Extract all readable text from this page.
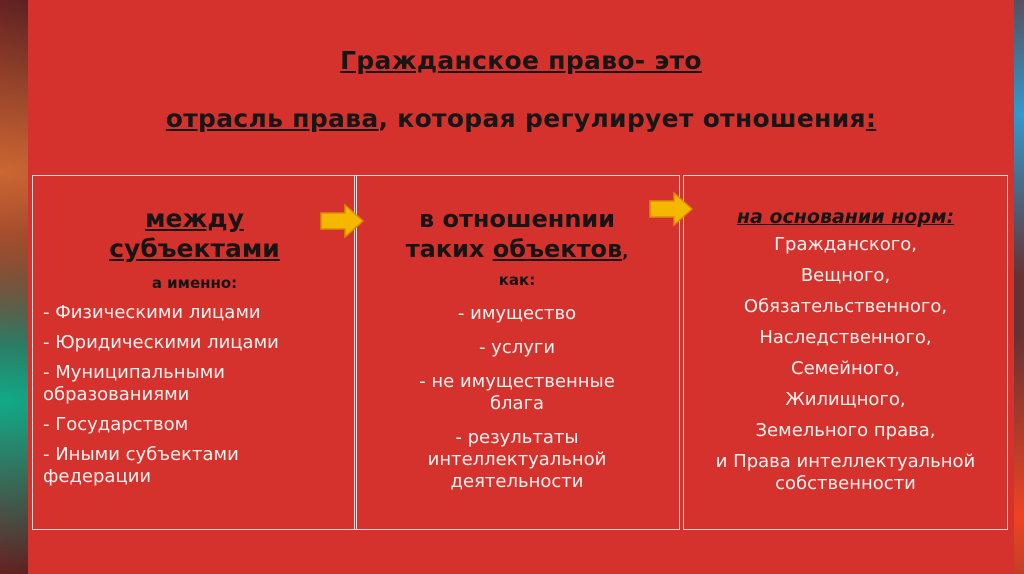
Гражданское право- это
отрасль права, которая регулирует отношения:
между
субъектами
а именно:
- Физическими лицами
- Юридическими лицами
- Муниципальными образованиями
- Государством
- Иными субъектами федерации
в отношенnии
таких объектов,
как:
- имущество
- услуги
- не имущественные блага
- результаты интеллектуальной деятельности
на основании норм:
Гражданского,
Вещного,
Обязательственного,
Наследственного,
Семейного,
Жилищного,
Земельного права,
и Права интеллектуальной собственности
